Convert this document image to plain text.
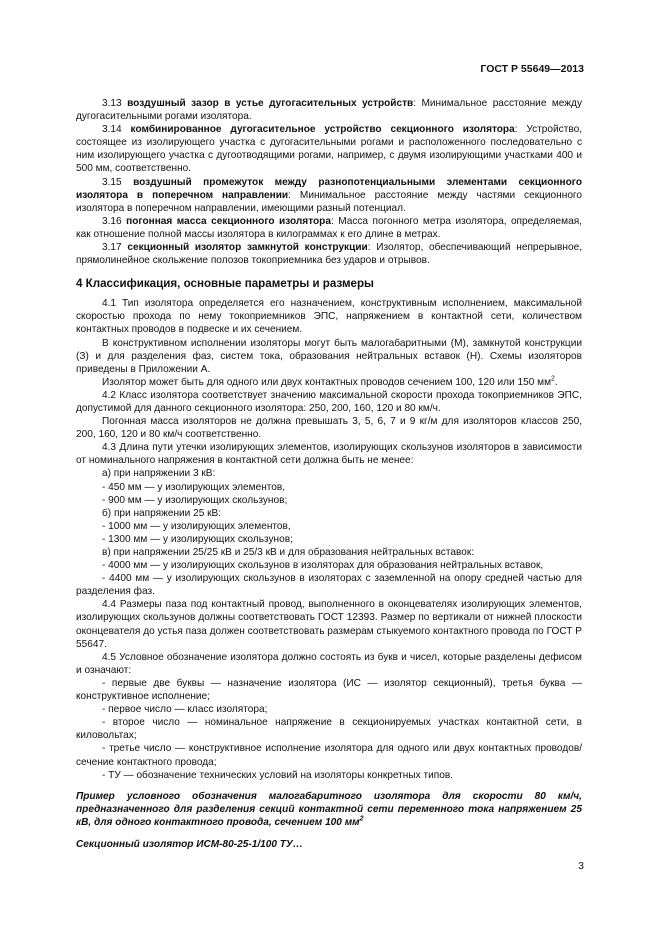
ГОСТ Р 55649—2013

3.13 воздушный зазор в устье дугогасительных устройств: Минимальное расстояние между дугогасительными рогами изолятора.

3.14 комбинированное дугогасительное устройство секционного изолятора: Устройство, состоящее из изолирующего участка с дугогасительными рогами и расположенного последовательно с ним изолирующего участка с дугоотводящими рогами, например, с двумя изолирующими участками 400 и 500 мм, соответственно.

3.15 воздушный промежуток между разнопотенциальными элементами секционного изолятора в поперечном направлении: Минимальное расстояние между частями секционного изолятора в поперечном направлении, имеющими разный потенциал.

3.16 погонная масса секционного изолятора: Масса погонного метра изолятора, определяемая, как отношение полной массы изолятора в килограммах к его длине в метрах.

3.17 секционный изолятор замкнутой конструкции: Изолятор, обеспечивающий непрерывное, прямолинейное скольжение полозов токоприемника без ударов и отрывов.

4 Классификация, основные параметры и размеры

4.1 Тип изолятора определяется его назначением, конструктивным исполнением, максимальной скоростью прохода по нему токоприемников ЭПС, напряжением в контактной сети, количеством контактных проводов в подвеске и их сечением.

В конструктивном исполнении изоляторы могут быть малогабаритными (М), замкнутой конструкции (З) и для разделения фаз, систем тока, образования нейтральных вставок (Н). Схемы изоляторов приведены в Приложении А.

Изолятор может быть для одного или двух контактных проводов сечением 100, 120 или 150 $мм^2$.

4.2 Класс изолятора соответствует значению максимальной скорости прохода токоприемников ЭПС, допустимой для данного секционного изолятора: 250, 200, 160, 120 и 80 км/ч.

Погонная масса изоляторов не должна превышать 3, 5, 6, 7 и 9 кг/м для изоляторов классов 250, 200, 160, 120 и 80 км/ч соответственно.

4.3 Длина пути утечки изолирующих элементов, изолирующих скользунов изоляторов в зависимости от номинального напряжения в контактной сети должна быть не менее:

а) при напряжении 3 кВ:

- 450 мм — у изолирующих элементов,

- 900 мм — у изолирующих скользунов;

б) при напряжении 25 кВ:

- 1000 мм — у изолирующих элементов,

- 1300 мм — у изолирующих скользунов;

в) при напряжении 25/25 кВ и 25/3 кВ и для образования нейтральных вставок:

- 4000 мм — у изолирующих скользунов в изоляторах для образования нейтральных вставок,

- 4400 мм — у изолирующих скользунов в изоляторах с заземленной на опору средней частью для разделения фаз.

4.4 Размеры паза под контактный провод, выполненного в оконцевателях изолирующих элементов, изолирующих скользунов должны соответствовать ГОСТ 12393. Размер по вертикали от нижней плоскости оконцевателя до устья паза должен соответствовать размерам стыкуемого контактного провода по ГОСТ Р 55647.

4.5 Условное обозначение изолятора должно состоять из букв и чисел, которые разделены дефисом и означают:

- первые две буквы — назначение изолятора (ИС — изолятор секционный), третья буква — конструктивное исполнение;

- первое число — класс изолятора;

- второе число — номинальное напряжение в секционируемых участках контактной сети, в киловольтах;

- третье число — конструктивное исполнение изолятора для одного или двух контактных проводов/сечение контактного провода;

- ТУ — обозначение технических условий на изоляторы конкретных типов.

Пример условного обозначения малогабаритного изолятора для скорости 80 км/ч, предназначенного для разделения секций контактной сети переменного тока напряжением 25 кВ, для одного контактного провода, сечением 100 $мм^2$

Секционный изолятор ИСМ-80-25-1/100 ТУ…

3
